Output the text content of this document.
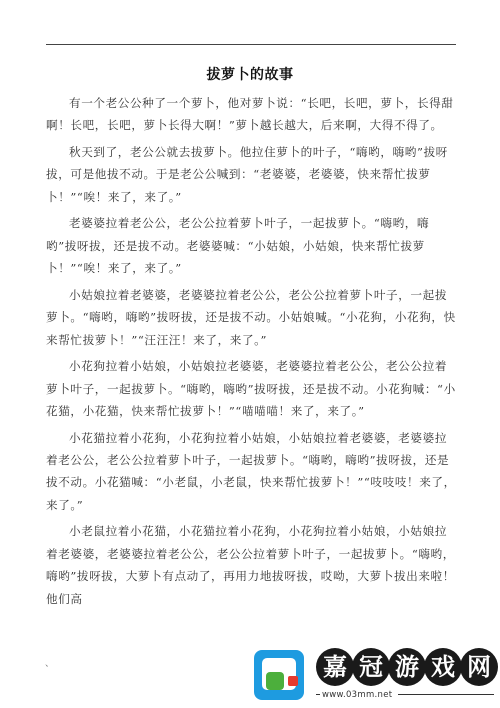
拔萝卜的故事

有一个老公公种了一个萝卜，他对萝卜说：“长吧，长吧，萝卜，长得甜啊！长吧，长吧，萝卜长得大啊！”萝卜越长越大，后来啊，大得不得了。

秋天到了，老公公就去拔萝卜。他拉住萝卜的叶子，“嗨哟，嗨哟”拔呀拔，可是他拔不动。于是老公公喊到：“老婆婆，老婆婆，快来帮忙拔萝卜！”“唉！来了，来了。”

老婆婆拉着老公公，老公公拉着萝卜叶子，一起拔萝卜。“嗨哟，嗨哟”拔呀拔，还是拔不动。老婆婆喊：“小姑娘，小姑娘，快来帮忙拔萝卜！”“唉！来了，来了。”

小姑娘拉着老婆婆，老婆婆拉着老公公，老公公拉着萝卜叶子，一起拔萝卜。“嗨哟，嗨哟”拔呀拔，还是拔不动。小姑娘喊。“小花狗，小花狗，快来帮忙拔萝卜！”“汪汪汪！来了，来了。”

小花狗拉着小姑娘，小姑娘拉老婆婆，老婆婆拉着老公公，老公公拉着萝卜叶子，一起拔萝卜。“嗨哟，嗨哟”拔呀拔，还是拔不动。小花狗喊：“小花猫，小花猫，快来帮忙拔萝卜！”“喵喵喵！来了，来了。”

小花猫拉着小花狗，小花狗拉着小姑娘，小姑娘拉着老婆婆，老婆婆拉着老公公，老公公拉着萝卜叶子，一起拔萝卜。“嗨哟，嗨哟”拔呀拔，还是拔不动。小花猫喊：“小老鼠，小老鼠，快来帮忙拔萝卜！”“吱吱吱！来了，来了。”

小老鼠拉着小花猫，小花猫拉着小花狗，小花狗拉着小姑娘，小姑娘拉着老婆婆，老婆婆拉着老公公，老公公拉着萝卜叶子，一起拔萝卜。“嗨哟，嗨哟”拔呀拔，大萝卜有点动了，再用力地拔呀拔，哎呦，大萝卜拔出来啦！他们高

、	嘉 冠 游 戏 网
www.03mm.net
